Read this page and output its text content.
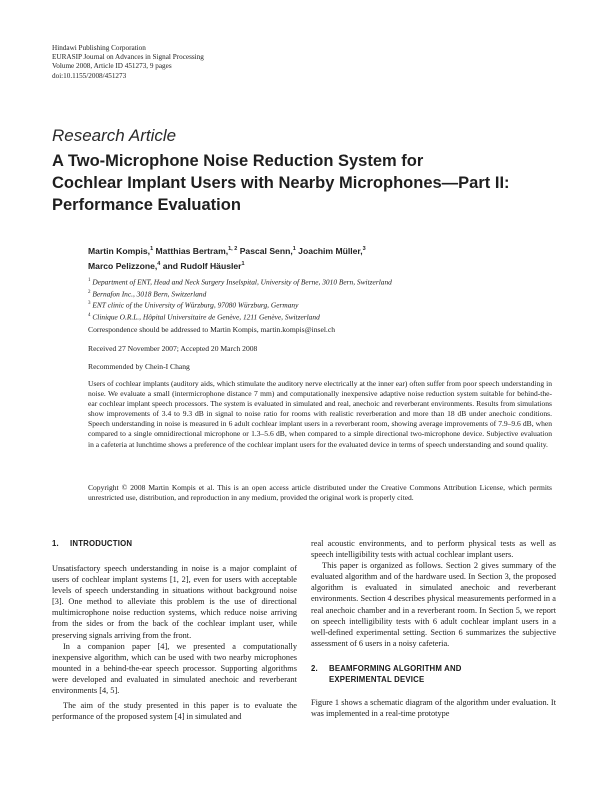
Hindawi Publishing Corporation
EURASIP Journal on Advances in Signal Processing
Volume 2008, Article ID 451273, 9 pages
doi:10.1155/2008/451273
Research Article
A Two-Microphone Noise Reduction System for
Cochlear Implant Users with Nearby Microphones—Part II:
Performance Evaluation
Martin Kompis,$^1$ Matthias Bertram,$^{1, 2}$ Pascal Senn,$^1$ Joachim Müller,$^3$
Marco Pelizzone,$^4$ and Rudolf Häusler$^1$
$^1$ Department of ENT, Head and Neck Surgery Inselspital, University of Berne, 3010 Bern, Switzerland
$^2$ Bernafon Inc., 3018 Bern, Switzerland
$^3$ ENT clinic of the University of Würzburg, 97080 Würzburg, Germany
$^4$ Clinique O.R.L., Hôpital Universitaire de Genève, 1211 Genève, Switzerland
Correspondence should be addressed to Martin Kompis, martin.kompis@insel.ch
Received 27 November 2007; Accepted 20 March 2008
Recommended by Chein-I Chang
Users of cochlear implants (auditory aids, which stimulate the auditory nerve electrically at the inner ear) often suffer from poor speech understanding in noise. We evaluate a small (intermicrophone distance 7 mm) and computationally inexpensive adaptive noise reduction system suitable for behind-the-ear cochlear implant speech processors. The system is evaluated in simulated and real, anechoic and reverberant environments. Results from simulations show improvements of 3.4 to 9.3 dB in signal to noise ratio for rooms with realistic reverberation and more than 18 dB under anechoic conditions. Speech understanding in noise is measured in 6 adult cochlear implant users in a reverberant room, showing average improvements of 7.9–9.6 dB, when compared to a single omnidirectional microphone or 1.3–5.6 dB, when compared to a simple directional two-microphone device. Subjective evaluation in a cafeteria at lunchtime shows a preference of the cochlear implant users for the evaluated device in terms of speech understanding and sound quality.
Copyright © 2008 Martin Kompis et al. This is an open access article distributed under the Creative Commons Attribution License, which permits unrestricted use, distribution, and reproduction in any medium, provided the original work is properly cited.
1. INTRODUCTION

Unsatisfactory speech understanding in noise is a major complaint of users of cochlear implant systems [1, 2], even for users with acceptable levels of speech understanding in situations without background noise [3]. One method to alleviate this problem is the use of directional multimicrophone noise reduction systems, which reduce noise arriving from the sides or from the back of the cochlear implant user, while preserving signals arriving from the front.

In a companion paper [4], we presented a computationally inexpensive algorithm, which can be used with two nearby microphones mounted in a behind-the-ear speech processor. Supporting algorithms were developed and evaluated in simulated anechoic and reverberant environments [4, 5].

The aim of the study presented in this paper is to evaluate the performance of the proposed system [4] in simulated and

real acoustic environments, and to perform physical tests as well as speech intelligibility tests with actual cochlear implant users.

This paper is organized as follows. Section 2 gives summary of the evaluated algorithm and of the hardware used. In Section 3, the proposed algorithm is evaluated in simulated anechoic and reverberant environments. Section 4 describes physical measurements performed in a real anechoic chamber and in a reverberant room. In Section 5, we report on speech intelligibility tests with 6 adult cochlear implant users in a well-defined experimental setting. Section 6 summarizes the subjective assessment of 6 users in a noisy cafeteria.

2. BEAMFORMING ALGORITHM AND
EXPERIMENTAL DEVICE

Figure 1 shows a schematic diagram of the algorithm under evaluation. It was implemented in a real-time prototype
